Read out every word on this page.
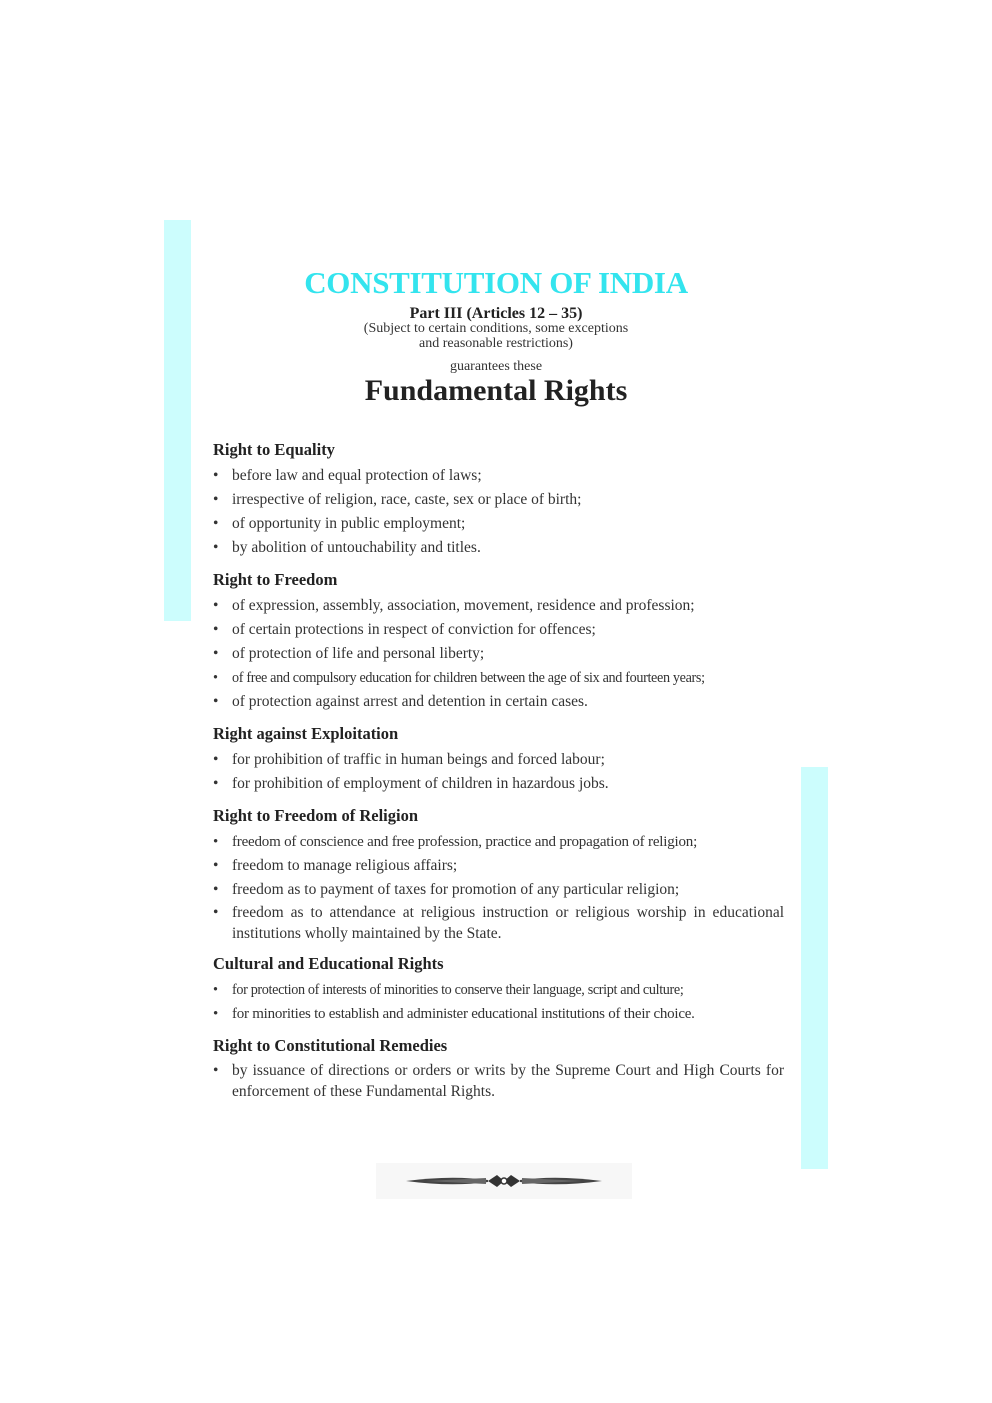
CONSTITUTION OF INDIA
Part III (Articles 12 – 35)
(Subject to certain conditions, some exceptions
and reasonable restrictions)
guarantees these
Fundamental Rights
Right to Equality
• before law and equal protection of laws;
• irrespective of religion, race, caste, sex or place of birth;
• of opportunity in public employment;
• by abolition of untouchability and titles.
Right to Freedom
• of expression, assembly, association, movement, residence and profession;
• of certain protections in respect of conviction for offences;
• of protection of life and personal liberty;
• of free and compulsory education for children between the age of six and fourteen years;
• of protection against arrest and detention in certain cases.
Right against Exploitation
• for prohibition of traffic in human beings and forced labour;
• for prohibition of employment of children in hazardous jobs.
Right to Freedom of Religion
• freedom of conscience and free profession, practice and propagation of religion;
• freedom to manage religious affairs;
• freedom as to payment of taxes for promotion of any particular religion;
• freedom as to attendance at religious instruction or religious worship in educational institutions wholly maintained by the State.
Cultural and Educational Rights
• for protection of interests of minorities to conserve their language, script and culture;
• for minorities to establish and administer educational institutions of their choice.
Right to Constitutional Remedies
• by issuance of directions or orders or writs by the Supreme Court and High Courts for enforcement of these Fundamental Rights.
